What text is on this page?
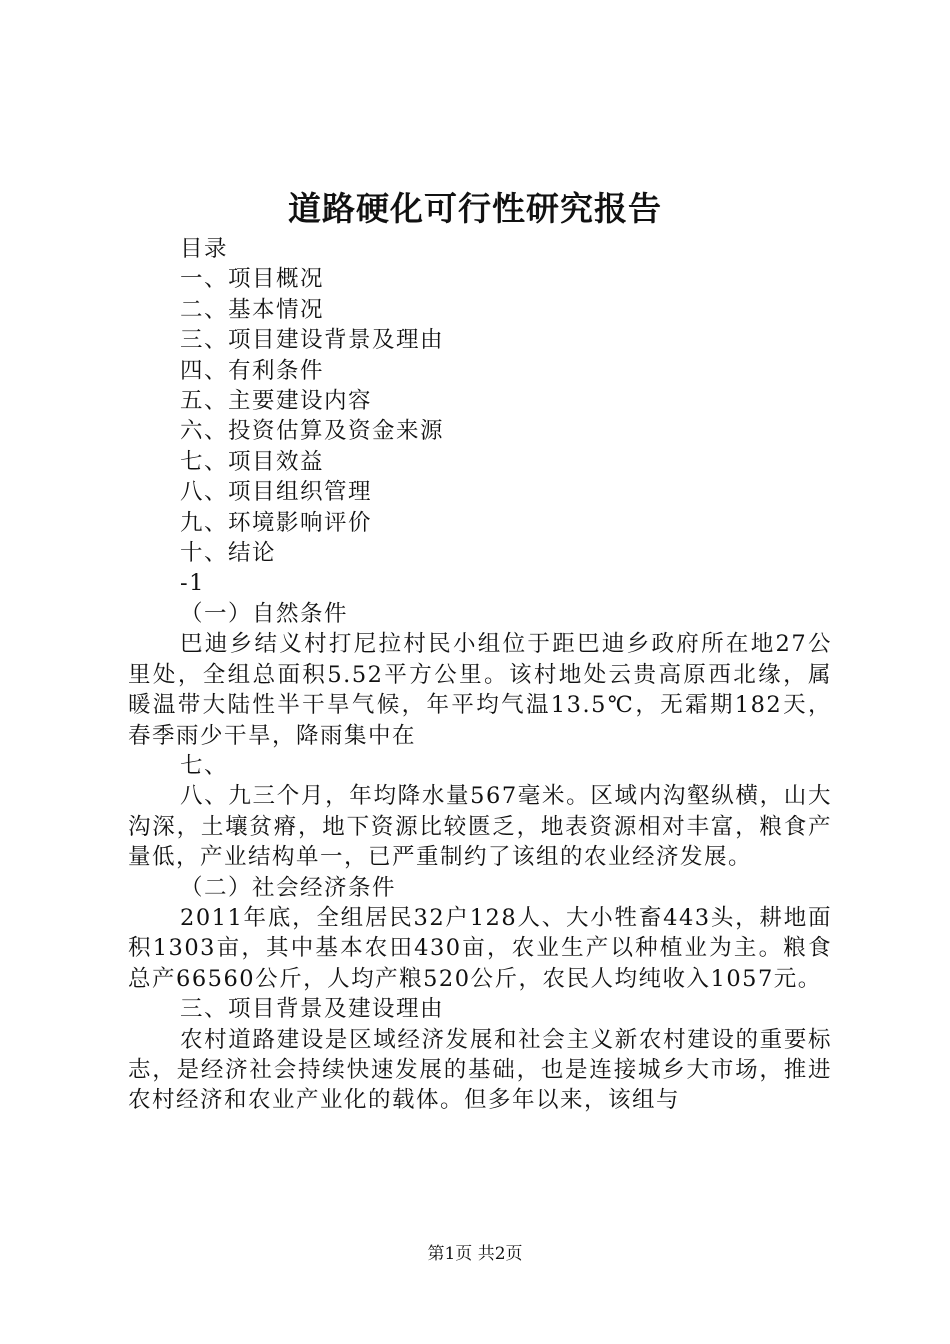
道路硬化可行性研究报告

目录

一、项目概况

二、基本情况

三、项目建设背景及理由

四、有利条件

五、主要建设内容

六、投资估算及资金来源

七、项目效益

八、项目组织管理

九、环境影响评价

十、结论

-1

（一）自然条件

巴迪乡结义村打尼拉村民小组位于距巴迪乡政府所在地27公里处，全组总面积5.52平方公里。该村地处云贵高原西北缘，属暖温带大陆性半干旱气候，年平均气温13.5℃，无霜期182天，春季雨少干旱，降雨集中在

七、

八、九三个月，年均降水量567毫米。区域内沟壑纵横，山大沟深，土壤贫瘠，地下资源比较匮乏，地表资源相对丰富，粮食产量低，产业结构单一，已严重制约了该组的农业经济发展。

（二）社会经济条件

2011年底，全组居民32户128人、大小牲畜443头，耕地面积1303亩，其中基本农田430亩，农业生产以种植业为主。粮食总产66560公斤，人均产粮520公斤，农民人均纯收入1057元。

三、项目背景及建设理由

农村道路建设是区域经济发展和社会主义新农村建设的重要标志，是经济社会持续快速发展的基础，也是连接城乡大市场，推进农村经济和农业产业化的载体。但多年以来，该组与

第1页 共2页
